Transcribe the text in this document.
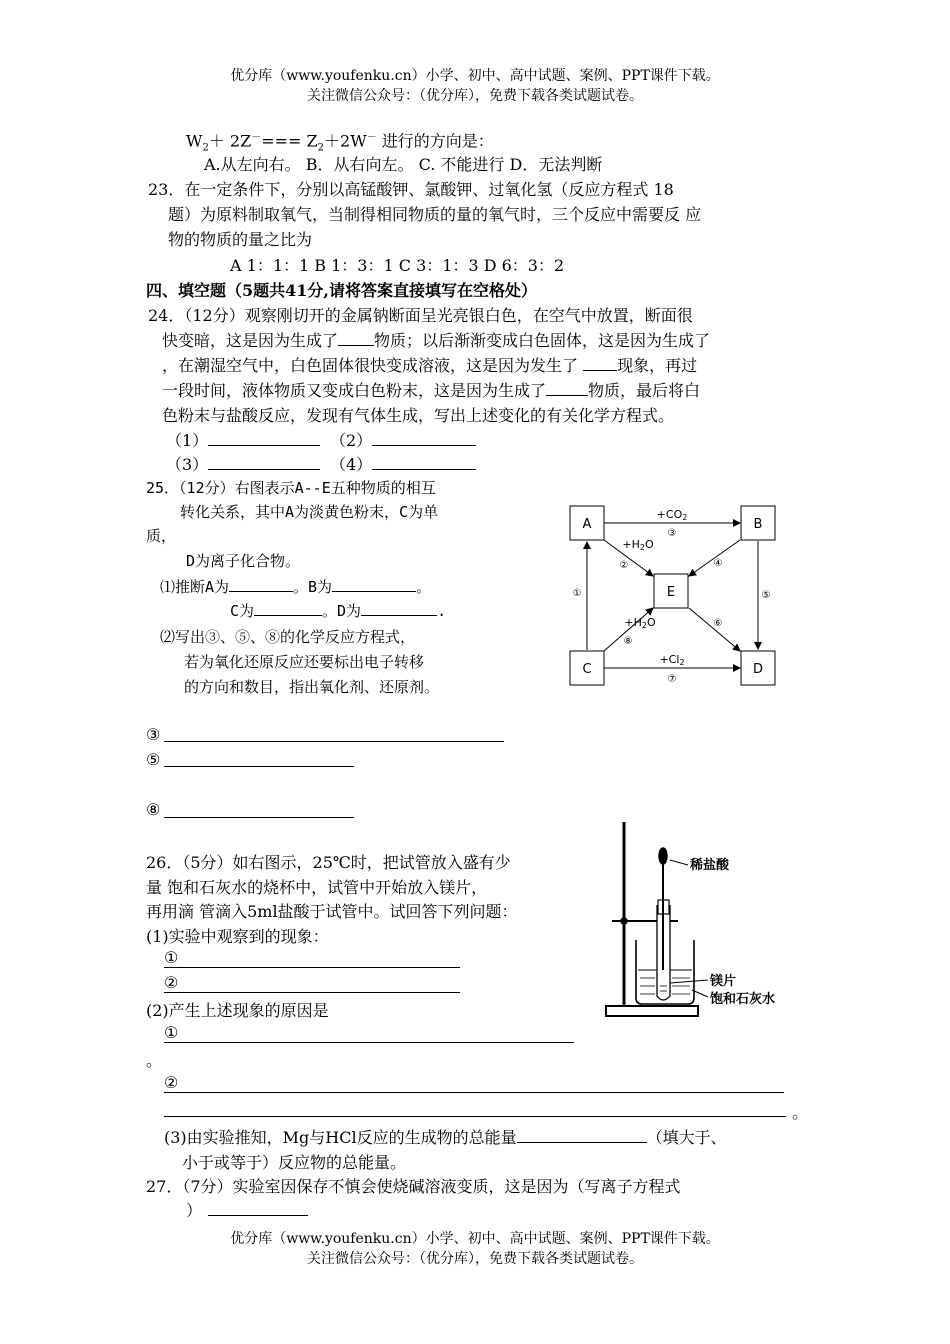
优分库（www.youfenku.cn）小学、初中、高中试题、案例、PPT课件下载。
关注微信公众号：（优分库），免费下载各类试题试卷。
$W_2+ 2Z^-=== Z_2+2W^-$ 进行的方向是：
A.从左向右。 B．从右向左。 C. 不能进行 D．无法判断
23．在一定条件下，分别以高锰酸钾、氯酸钾、过氧化氢（反应方程式 18
题）为原料制取氧气，当制得相同物质的量的氧气时，三个反应中需要反 应
物的物质的量之比为
A 1：1：1 B 1：3：1 C 3：1：3 D 6：3：2
四、填空题（5题共41分,请将答案直接填写在空格处）
24．（12分）观察刚切开的金属钠断面呈光亮银白色，在空气中放置，断面很
快变暗，这是因为生成了 物质；以后渐渐变成白色固体，这是因为生成了
，在潮湿空气中，白色固体很快变成溶液，这是因为发生了 现象，再过
一段时间，液体物质又变成白色粉末，这是因为生成了	物质，最后将白
色粉末与盐酸反应，发现有气体生成，写出上述变化的有关化学方程式。
（1）	（2）
（3）	（4）
25．（12分）右图表示A--E五种物质的相互
转化关系，其中A为淡黄色粉末，C为单
质，
D为离子化合物。
⑴推断A为	。B为	。
C为	。D为	.
⑵写出③、⑤、⑧的化学反应方程式，
若为氧化还原反应还要标出电子转移
的方向和数目，指出氧化剂、还原剂。
③
⑤
⑧
A	B
C	D
E
+CO2
③
+H2O
②	④
①	⑤
+H2O
⑧
⑥
+Cl2
⑦
26．（5分）如右图示，25℃时，把试管放入盛有少
量 饱和石灰水的烧杯中，试管中开始放入镁片，
再用滴 管滴入5ml盐酸于试管中。试回答下列问题：
(1)实验中观察到的现象：
①
②
(2)产生上述现象的原因是
①
。
②
。
(3)由实验推知，Mg与HCl反应的生成物的总能量	（填大于、
小于或等于）反应物的总能量。
稀盐酸
镁片
饱和石灰水
27．（7分）实验室因保存不慎会使烧碱溶液变质，这是因为（写离子方程式
）
优分库（www.youfenku.cn）小学、初中、高中试题、案例、PPT课件下载。
关注微信公众号：（优分库），免费下载各类试题试卷。
